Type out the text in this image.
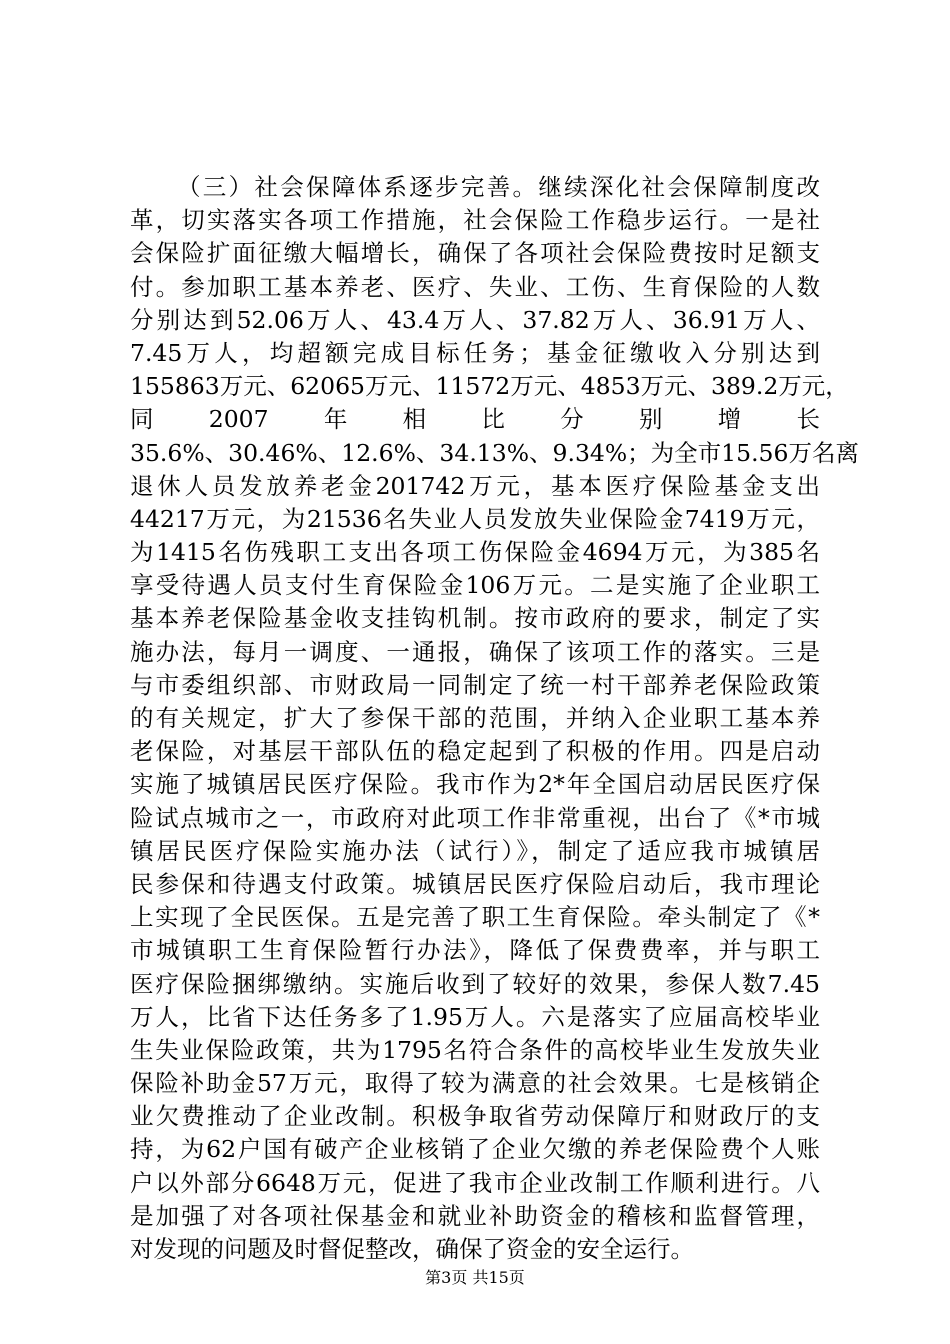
（三）社会保障体系逐步完善。继续深化社会保障制度改
革，切实落实各项工作措施，社会保险工作稳步运行。一是社
会保险扩面征缴大幅增长，确保了各项社会保险费按时足额支
付。参加职工基本养老、医疗、失业、工伤、生育保险的人数
分别达到52.06万人、43.4万人、37.82万人、36.91万人、
7.45万人，均超额完成目标任务；基金征缴收入分别达到
155863万元、62065万元、11572万元、4853万元、389.2万元，
同　2007　年　相　比　分　别　增　长
35.6%、30.46%、12.6%、34.13%、9.34%；为全市15.56万名离
退休人员发放养老金201742万元，基本医疗保险基金支出
44217万元，为21536名失业人员发放失业保险金7419万元，
为1415名伤残职工支出各项工伤保险金4694万元，为385名
享受待遇人员支付生育保险金106万元。二是实施了企业职工
基本养老保险基金收支挂钩机制。按市政府的要求，制定了实
施办法，每月一调度、一通报，确保了该项工作的落实。三是
与市委组织部、市财政局一同制定了统一村干部养老保险政策
的有关规定，扩大了参保干部的范围，并纳入企业职工基本养
老保险，对基层干部队伍的稳定起到了积极的作用。四是启动
实施了城镇居民医疗保险。我市作为2*年全国启动居民医疗保
险试点城市之一，市政府对此项工作非常重视，出台了《*市城
镇居民医疗保险实施办法（试行）》，制定了适应我市城镇居
民参保和待遇支付政策。城镇居民医疗保险启动后，我市理论
上实现了全民医保。五是完善了职工生育保险。牵头制定了《*
市城镇职工生育保险暂行办法》，降低了保费费率，并与职工
医疗保险捆绑缴纳。实施后收到了较好的效果，参保人数7.45
万人，比省下达任务多了1.95万人。六是落实了应届高校毕业
生失业保险政策，共为1795名符合条件的高校毕业生发放失业
保险补助金57万元，取得了较为满意的社会效果。七是核销企
业欠费推动了企业改制。积极争取省劳动保障厅和财政厅的支
持，为62户国有破产企业核销了企业欠缴的养老保险费个人账
户以外部分6648万元，促进了我市企业改制工作顺利进行。八
是加强了对各项社保基金和就业补助资金的稽核和监督管理，
对发现的问题及时督促整改，确保了资金的安全运行。
第3页 共15页
